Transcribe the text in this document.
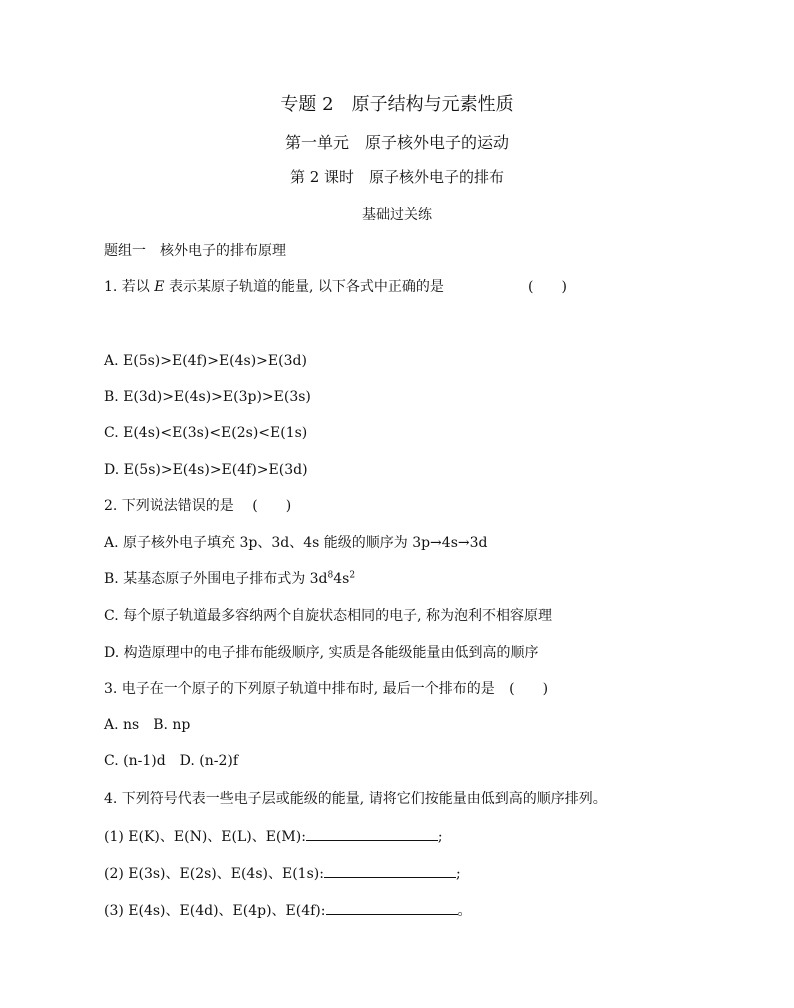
专题 2　原子结构与元素性质
第一单元　原子核外电子的运动
第 2 课时　原子核外电子的排布
基础过关练
题组一　核外电子的排布原理
1. 若以 E 表示某原子轨道的能量, 以下各式中正确的是	(　　)
A. E(5s)>E(4f)>E(4s)>E(3d)
B. E(3d)>E(4s)>E(3p)>E(3s)
C. E(4s)<E(3s)<E(2s)<E(1s)
D. E(5s)>E(4s)>E(4f)>E(3d)
2. 下列说法错误的是 (　　)
A. 原子核外电子填充 3p、3d、4s 能级的顺序为 3p→4s→3d
B. 某基态原子外围电子排布式为 $3d^84s^2$
C. 每个原子轨道最多容纳两个自旋状态相同的电子, 称为泡利不相容原理
D. 构造原理中的电子排布能级顺序, 实质是各能级能量由低到高的顺序
3. 电子在一个原子的下列原子轨道中排布时, 最后一个排布的是 (　　)
A. ns　B. np
C. (n-1)d　D. (n-2)f
4. 下列符号代表一些电子层或能级的能量, 请将它们按能量由低到高的顺序排列。
(1) E(K)、E(N)、E(L)、E(M):	;
(2) E(3s)、E(2s)、E(4s)、E(1s):	;
(3) E(4s)、E(4d)、E(4p)、E(4f):	。
